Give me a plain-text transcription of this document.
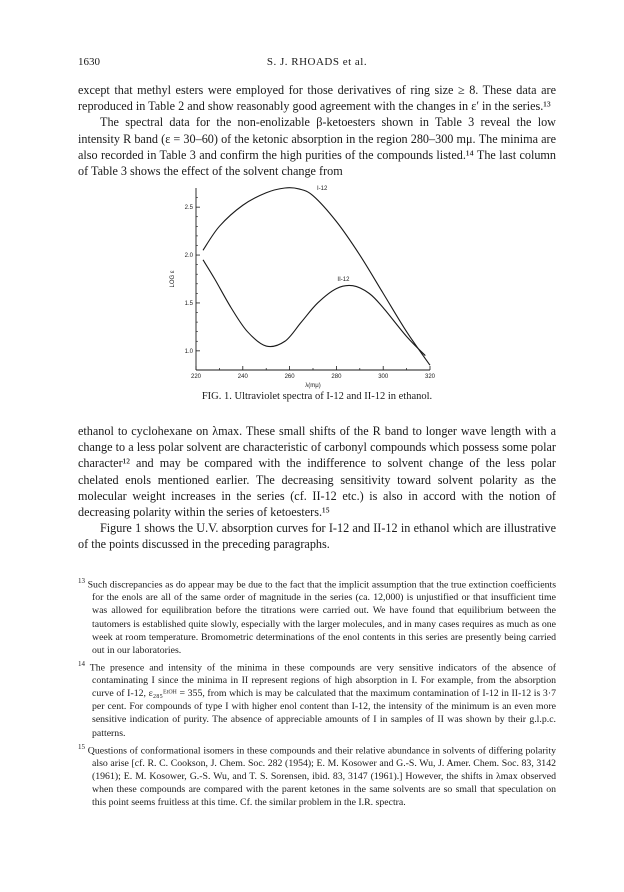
1630	S. J. RHOADS et al.

except that methyl esters were employed for those derivatives of ring size ≥ 8. These data are reproduced in Table 2 and show reasonably good agreement with the changes in ε′ in the series.¹³

The spectral data for the non-enolizable β-ketoesters shown in Table 3 reveal the low intensity R band (ε = 30–60) of the ketonic absorption in the region 280–300 mμ. The minima are also recorded in Table 3 and confirm the high purities of the compounds listed.¹⁴ The last column of Table 3 shows the effect of the solvent change from

220	240	260	280	300	320
1.0
1.5
2.0
2.5
λ(mμ)
LOG ε
I-12
II-12
FIG. 1. Ultraviolet spectra of I-12 and II-12 in ethanol.

ethanol to cyclohexane on λmax. These small shifts of the R band to longer wave length with a change to a less polar solvent are characteristic of carbonyl compounds which possess some polar character¹² and may be compared with the indifference to solvent change of the less polar chelated enols mentioned earlier. The decreasing sensitivity toward solvent polarity as the molecular weight increases in the series (cf. II-12 etc.) is also in accord with the notion of decreasing polarity within the series of ketoesters.¹⁵

Figure 1 shows the U.V. absorption curves for I-12 and II-12 in ethanol which are illustrative of the points discussed in the preceding paragraphs.

$^{13}$ Such discrepancies as do appear may be due to the fact that the implicit assumption that the true extinction coefficients for the enols are all of the same order of magnitude in the series (ca. 12,000) is unjustified or that insufficient time was allowed for equilibration before the titrations were carried out. We have found that equilibrium between the tautomers is established quite slowly, especially with the larger molecules, and in many cases requires as much as one week at room temperature. Bromometric determinations of the enol contents in this series are presently being carried out in our laboratories.

$^{14}$ The presence and intensity of the minima in these compounds are very sensitive indicators of the absence of contaminating I since the minima in II represent regions of high absorption in I. For example, from the absorption curve of I-12, ε₂₈₅ᴱᵗᴼᴴ = 355, from which is may be calculated that the maximum contamination of I-12 in II-12 is 3·7 per cent. For compounds of type I with higher enol content than I-12, the intensity of the minimum is an even more sensitive indication of purity. The absence of appreciable amounts of I in samples of II was shown by their g.l.p.c. patterns.

$^{15}$ Questions of conformational isomers in these compounds and their relative abundance in solvents of differing polarity also arise [cf. R. C. Cookson, J. Chem. Soc. 282 (1954); E. M. Kosower and G.-S. Wu, J. Amer. Chem. Soc. 83, 3142 (1961); E. M. Kosower, G.-S. Wu, and T. S. Sorensen, ibid. 83, 3147 (1961).] However, the shifts in λmax observed when these compounds are compared with the parent ketones in the same solvents are so small that speculation on this point seems fruitless at this time. Cf. the similar problem in the I.R. spectra.
